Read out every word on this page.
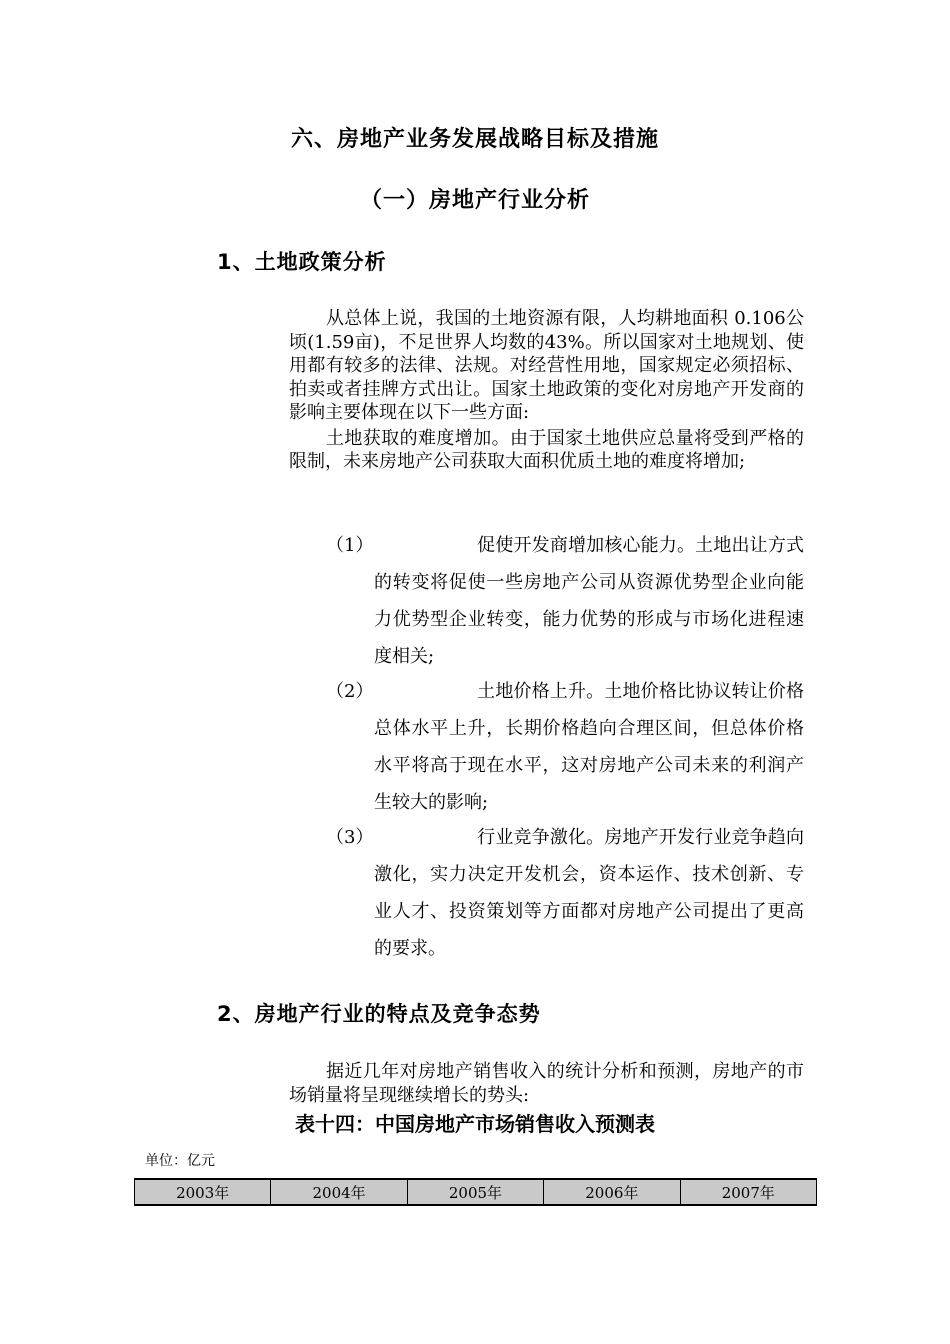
六、房地产业务发展战略目标及措施
（一）房地产行业分析
1、土地政策分析

从总体上说，我国的土地资源有限，人均耕地面积 0.106公顷(1.59亩)，不足世界人均数的43%。所以国家对土地规划、使用都有较多的法律、法规。对经营性用地，国家规定必须招标、拍卖或者挂牌方式出让。国家土地政策的变化对房地产开发商的影响主要体现在以下一些方面:

土地获取的难度增加。由于国家土地供应总量将受到严格的限制，未来房地产公司获取大面积优质土地的难度将增加;

（1）	促使开发商增加核心能力。土地出让方式的转变将促使一些房地产公司从资源优势型企业向能力优势型企业转变，能力优势的形成与市场化进程速度相关;
（2）	土地价格上升。土地价格比协议转让价格总体水平上升，长期价格趋向合理区间，但总体价格水平将高于现在水平，这对房地产公司未来的利润产生较大的影响;
（3）	行业竞争激化。房地产开发行业竞争趋向激化，实力决定开发机会，资本运作、技术创新、专业人才、投资策划等方面都对房地产公司提出了更高的要求。
2、房地产行业的特点及竞争态势

据近几年对房地产销售收入的统计分析和预测，房地产的市场销量将呈现继续增长的势头:

表十四：中国房地产市场销售收入预测表
单位：亿元
2003年	2004年	2005年	2006年	2007年
